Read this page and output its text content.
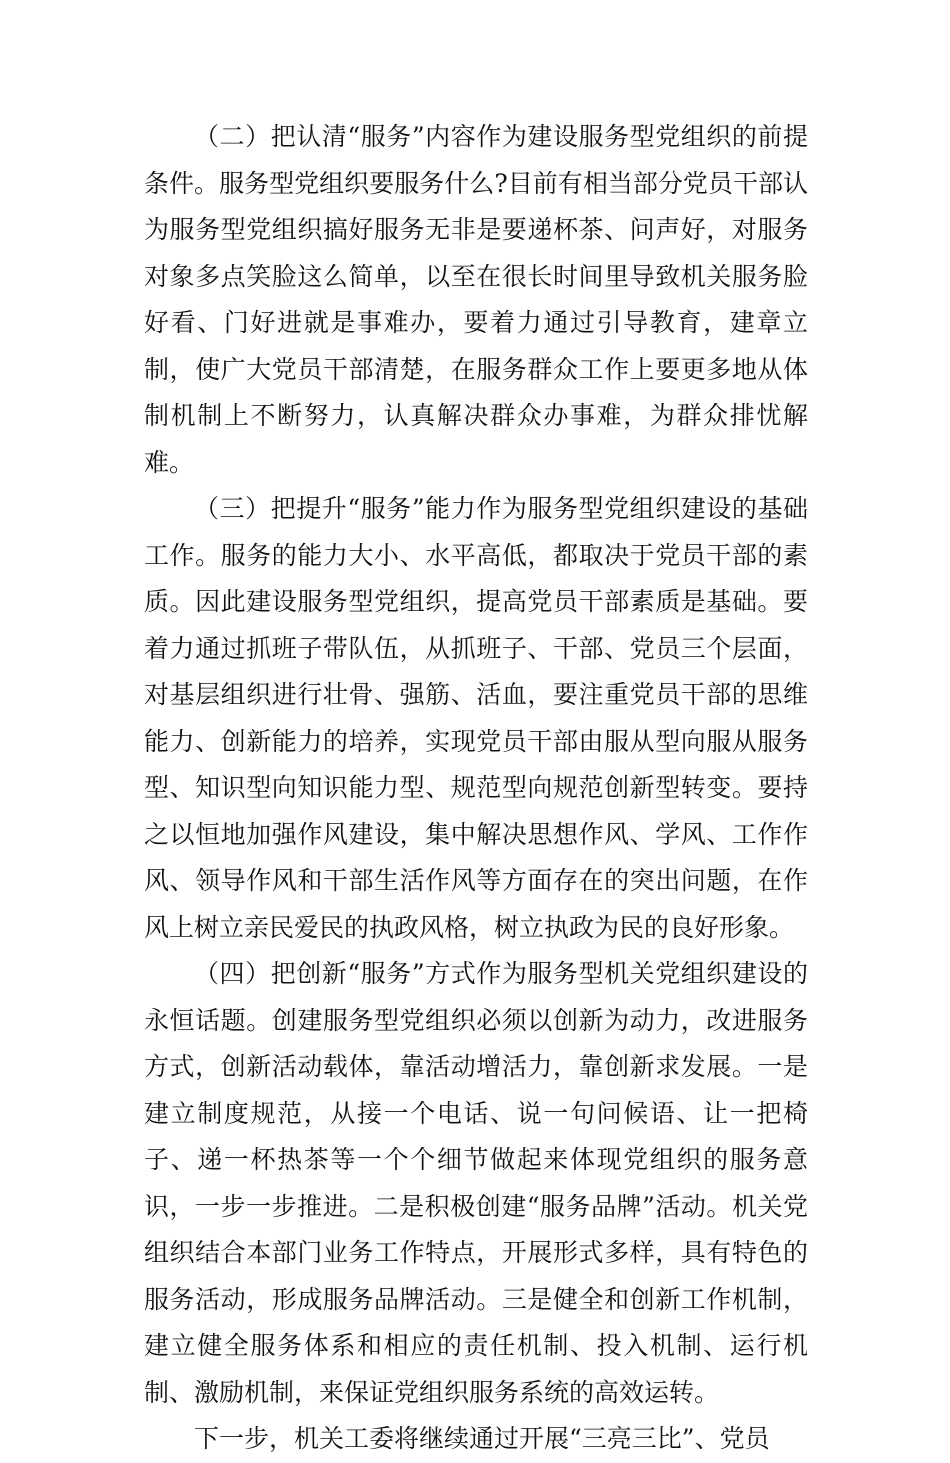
（二）把认清“服务”内容作为建设服务型党组织的前提条件。服务型党组织要服务什么?目前有相当部分党员干部认为服务型党组织搞好服务无非是要递杯茶、问声好，对服务对象多点笑脸这么简单，以至在很长时间里导致机关服务脸好看、门好进就是事难办，要着力通过引导教育，建章立制，使广大党员干部清楚，在服务群众工作上要更多地从体制机制上不断努力，认真解决群众办事难，为群众排忧解难。

（三）把提升“服务”能力作为服务型党组织建设的基础工作。服务的能力大小、水平高低，都取决于党员干部的素质。因此建设服务型党组织，提高党员干部素质是基础。要着力通过抓班子带队伍，从抓班子、干部、党员三个层面，对基层组织进行壮骨、强筋、活血，要注重党员干部的思维能力、创新能力的培养，实现党员干部由服从型向服从服务型、知识型向知识能力型、规范型向规范创新型转变。要持之以恒地加强作风建设，集中解决思想作风、学风、工作作风、领导作风和干部生活作风等方面存在的突出问题，在作风上树立亲民爱民的执政风格，树立执政为民的良好形象。

（四）把创新“服务”方式作为服务型机关党组织建设的永恒话题。创建服务型党组织必须以创新为动力，改进服务方式，创新活动载体，靠活动增活力，靠创新求发展。一是建立制度规范，从接一个电话、说一句问候语、让一把椅子、递一杯热茶等一个个细节做起来体现党组织的服务意识，一步一步推进。二是积极创建“服务品牌”活动。机关党组织结合本部门业务工作特点，开展形式多样，具有特色的服务活动，形成服务品牌活动。三是健全和创新工作机制，建立健全服务体系和相应的责任机制、投入机制、运行机制、激励机制，来保证党组织服务系统的高效运转。

下一步，机关工委将继续通过开展“三亮三比”、党员
